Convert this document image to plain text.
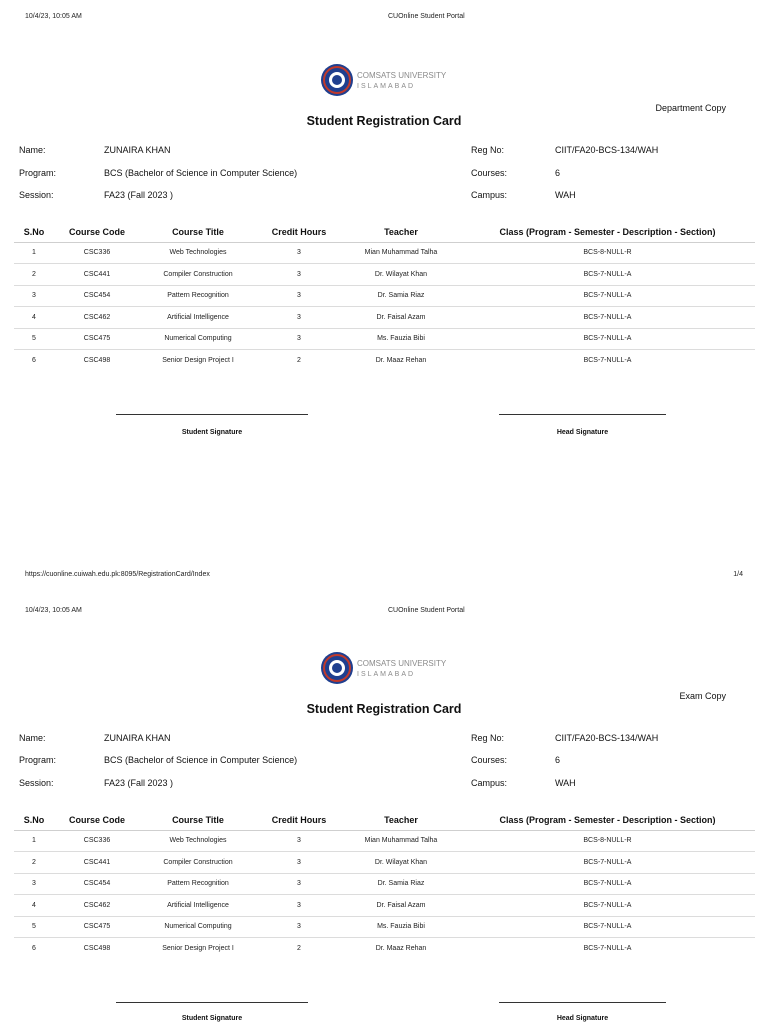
10/4/23, 10:05 AM	CUOnline Student Portal
COMSATS UNIVERSITY
ISLAMABAD
Department Copy
Student Registration Card
Name:	ZUNAIRA KHAN	Reg No:	CIIT/FA20-BCS-134/WAH
Program:	BCS (Bachelor of Science in Computer Science)	Courses:	6
Session:	FA23 (Fall 2023 )	Campus:	WAH
S.No	Course Code	Course Title	Credit Hours	Teacher	Class (Program - Semester - Description - Section)
1	CSC336	Web Technologies	3	Mian Muhammad Talha	BCS-8-NULL-R
2	CSC441	Compiler Construction	3	Dr. Wilayat Khan	BCS-7-NULL-A
3	CSC454	Pattern Recognition	3	Dr. Samia Riaz	BCS-7-NULL-A
4	CSC462	Artificial Intelligence	3	Dr. Faisal Azam	BCS-7-NULL-A
5	CSC475	Numerical Computing	3	Ms. Fauzia Bibi	BCS-7-NULL-A
6	CSC498	Senior Design Project I	2	Dr. Maaz Rehan	BCS-7-NULL-A
Student Signature	Head Signature
https://cuonline.cuiwah.edu.pk:8095/RegistrationCard/Index	1/4
10/4/23, 10:05 AM	CUOnline Student Portal
COMSATS UNIVERSITY
ISLAMABAD
Exam Copy
Student Registration Card
Name:	ZUNAIRA KHAN	Reg No:	CIIT/FA20-BCS-134/WAH
Program:	BCS (Bachelor of Science in Computer Science)	Courses:	6
Session:	FA23 (Fall 2023 )	Campus:	WAH
S.No	Course Code	Course Title	Credit Hours	Teacher	Class (Program - Semester - Description - Section)
1	CSC336	Web Technologies	3	Mian Muhammad Talha	BCS-8-NULL-R
2	CSC441	Compiler Construction	3	Dr. Wilayat Khan	BCS-7-NULL-A
3	CSC454	Pattern Recognition	3	Dr. Samia Riaz	BCS-7-NULL-A
4	CSC462	Artificial Intelligence	3	Dr. Faisal Azam	BCS-7-NULL-A
5	CSC475	Numerical Computing	3	Ms. Fauzia Bibi	BCS-7-NULL-A
6	CSC498	Senior Design Project I	2	Dr. Maaz Rehan	BCS-7-NULL-A
Student Signature	Head Signature
